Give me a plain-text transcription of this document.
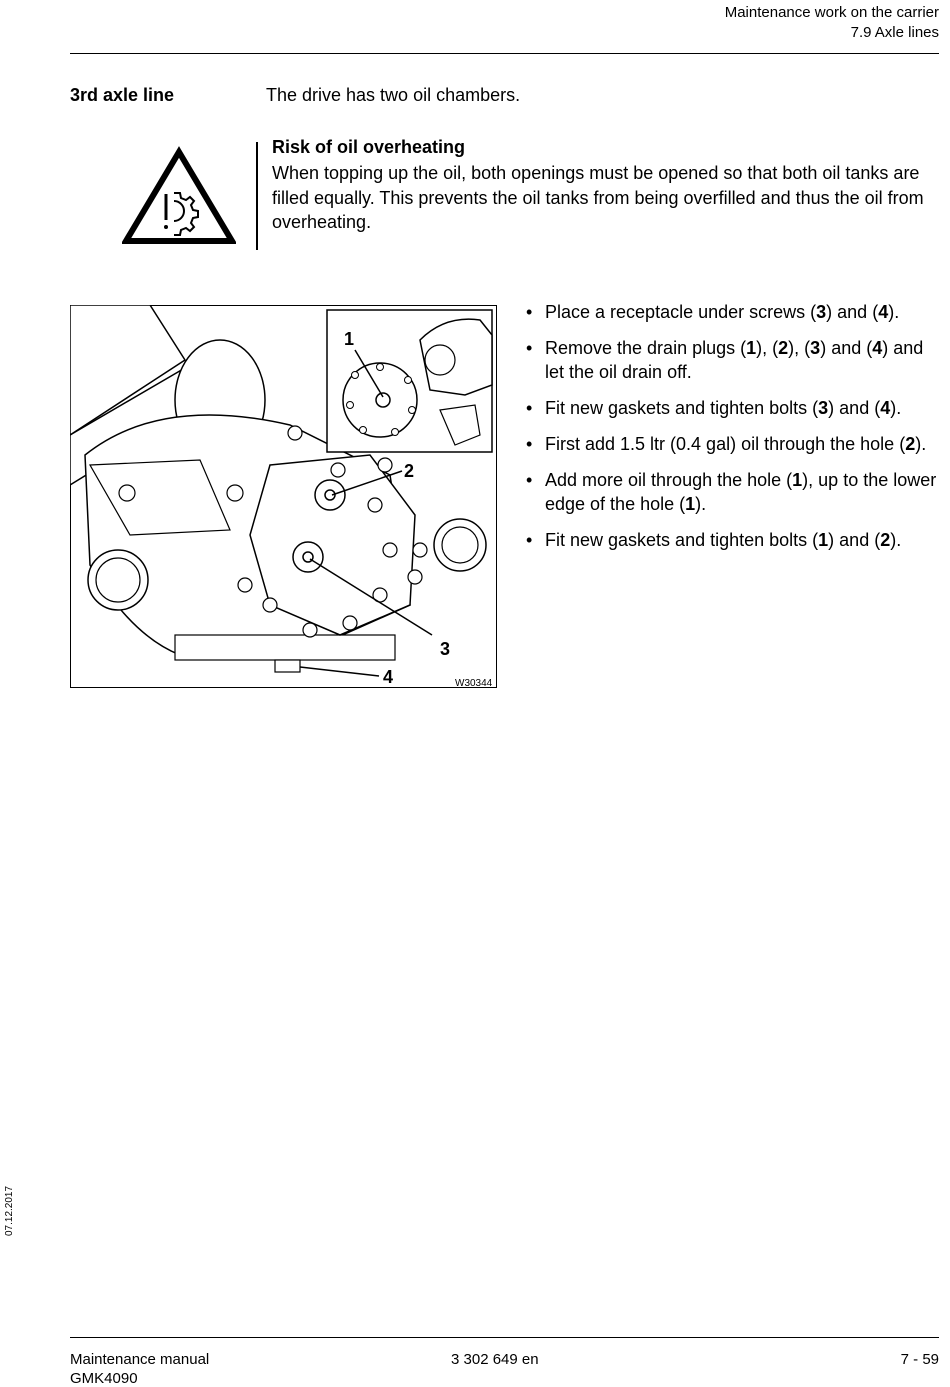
Maintenance work on the carrier
7.9 Axle lines
3rd axle line	The drive has two oil chambers.
Risk of oil overheating
When topping up the oil, both openings must be opened so that both oil tanks are filled equally. This prevents the oil tanks from being overfilled and thus the oil from overheating.
1
2
3
4	W30344
• Place a receptacle under screws (3) and (4).
• Remove the drain plugs (1), (2), (3) and (4) and let the oil drain off.
• Fit new gaskets and tighten bolts (3) and (4).
• First add 1.5 ltr (0.4 gal) oil through the hole (2).
• Add more oil through the hole (1), up to the lower edge of the hole (1).
• Fit new gaskets and tighten bolts (1) and (2).
07.12.2017
Maintenance manual
GMK4090
3 302 649 en	7 - 59
